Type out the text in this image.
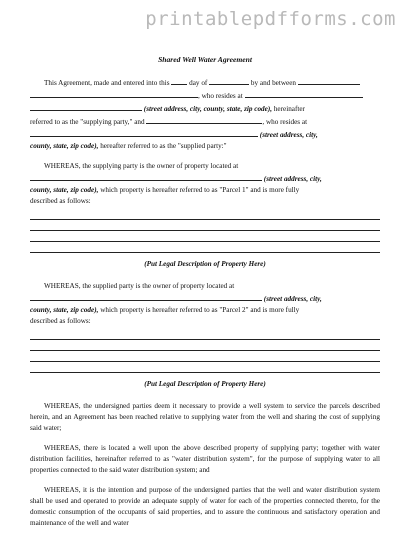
printablepdfforms.com
Shared Well Water Agreement
This Agreement, made and entered into this	day of	by and between
, who resides at
(street address, city, county, state, zip code), hereinafter
referred to as the "supplying party," and	, who resides at
(street address, city,
county, state, zip code), hereafter referred to as the "supplied party:"
WHEREAS, the supplying party is the owner of property located at
(street address, city,
county, state, zip code), which property is hereafter referred to as "Parcel 1" and is more fully
described as follows:
(Put Legal Description of Property Here)
WHEREAS, the supplied party is the owner of property located at
(street address, city,
county, state, zip code), which property is hereafter referred to as "Parcel 2" and is more fully
described as follows:
(Put Legal Description of Property Here)

WHEREAS, the undersigned parties deem it necessary to provide a well system to service the parcels described herein, and an Agreement has been reached relative to supplying water from the well and sharing the cost of supplying said water;

WHEREAS, there is located a well upon the above described property of supplying party; together with water distribution facilities, hereinafter referred to as "water distribution system", for the purpose of supplying water to all properties connected to the said water distribution system; and

WHEREAS, it is the intention and purpose of the undersigned parties that the well and water distribution system shall be used and operated to provide an adequate supply of water for each of the properties connected thereto, for the domestic consumption of the occupants of said properties, and to assure the continuous and satisfactory operation and maintenance of the well and water
